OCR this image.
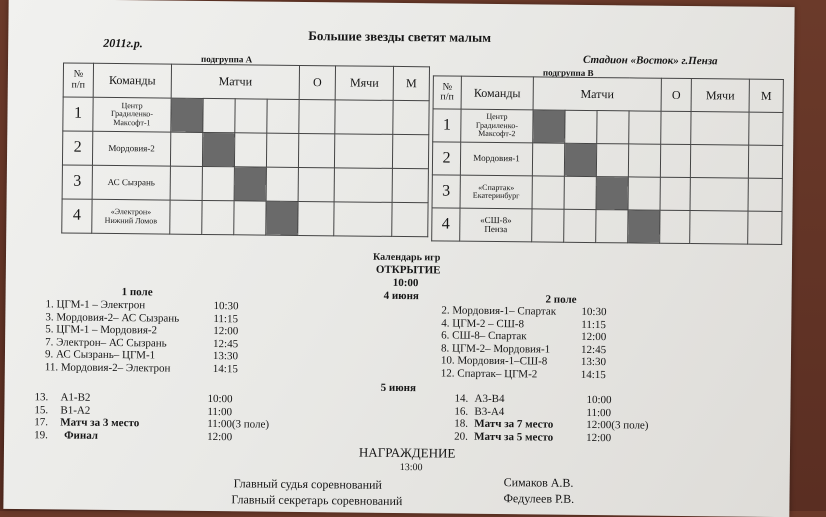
Большие звезды светят малым
2011г.р.
Стадион «Восток» г.Пенза
подгруппа А
подгруппа В
№
п/п	Команды	Матчи				О	Мячи	М
1	Центр
Градиленко-
Максофт-1							
2	Мордовия-2							
3	АС Сызрань							
4	«Электрон»
Нижний Ломов							
№
п/п	Команды	Матчи				О	Мячи	М
1	Центр
Градиленко-
Максофт-2							
2	Мордовия-1							
3	«Спартак»
Екатеринбург							
4	«СШ-8»
Пенза							
Календарь игр
ОТКРЫТИЕ
10:00
4 июня
1 поле
2 поле
1. ЦГМ-1 – Электрон	10:30
3. Мордовия-2– АС Сызрань	11:15
5. ЦГМ-1 – Мордовия-2	12:00
7. Электрон– АС Сызрань	12:45
9. АС Сызрань– ЦГМ-1	13:30
11. Мордовия-2– Электрон	14:15
2. Мордовия-1– Спартак 10:30
4. ЦГМ-2 – СШ-8	11:15
6. СШ-8– Спартак	12:00
8. ЦГМ-2– Мордовия-1	12:45
10. Мордовия-1–СШ-8	13:30
12. Спартак– ЦГМ-2	14:15
5 июня
13. А1-В2	10:00
15. В1-А2	11:00
17. Матч за 3 место	11:00(3 поле)
19. Финал	12:00
14. А3-В4	10:00
16. В3-А4	11:00
18. Матч за 7 место	12:00(3 поле)
20. Матч за 5 место	12:00
НАГРАЖДЕНИЕ
13:00
Главный судья соревнований	Симаков А.В.
Главный секретарь соревнований	Федулеев Р.В.
